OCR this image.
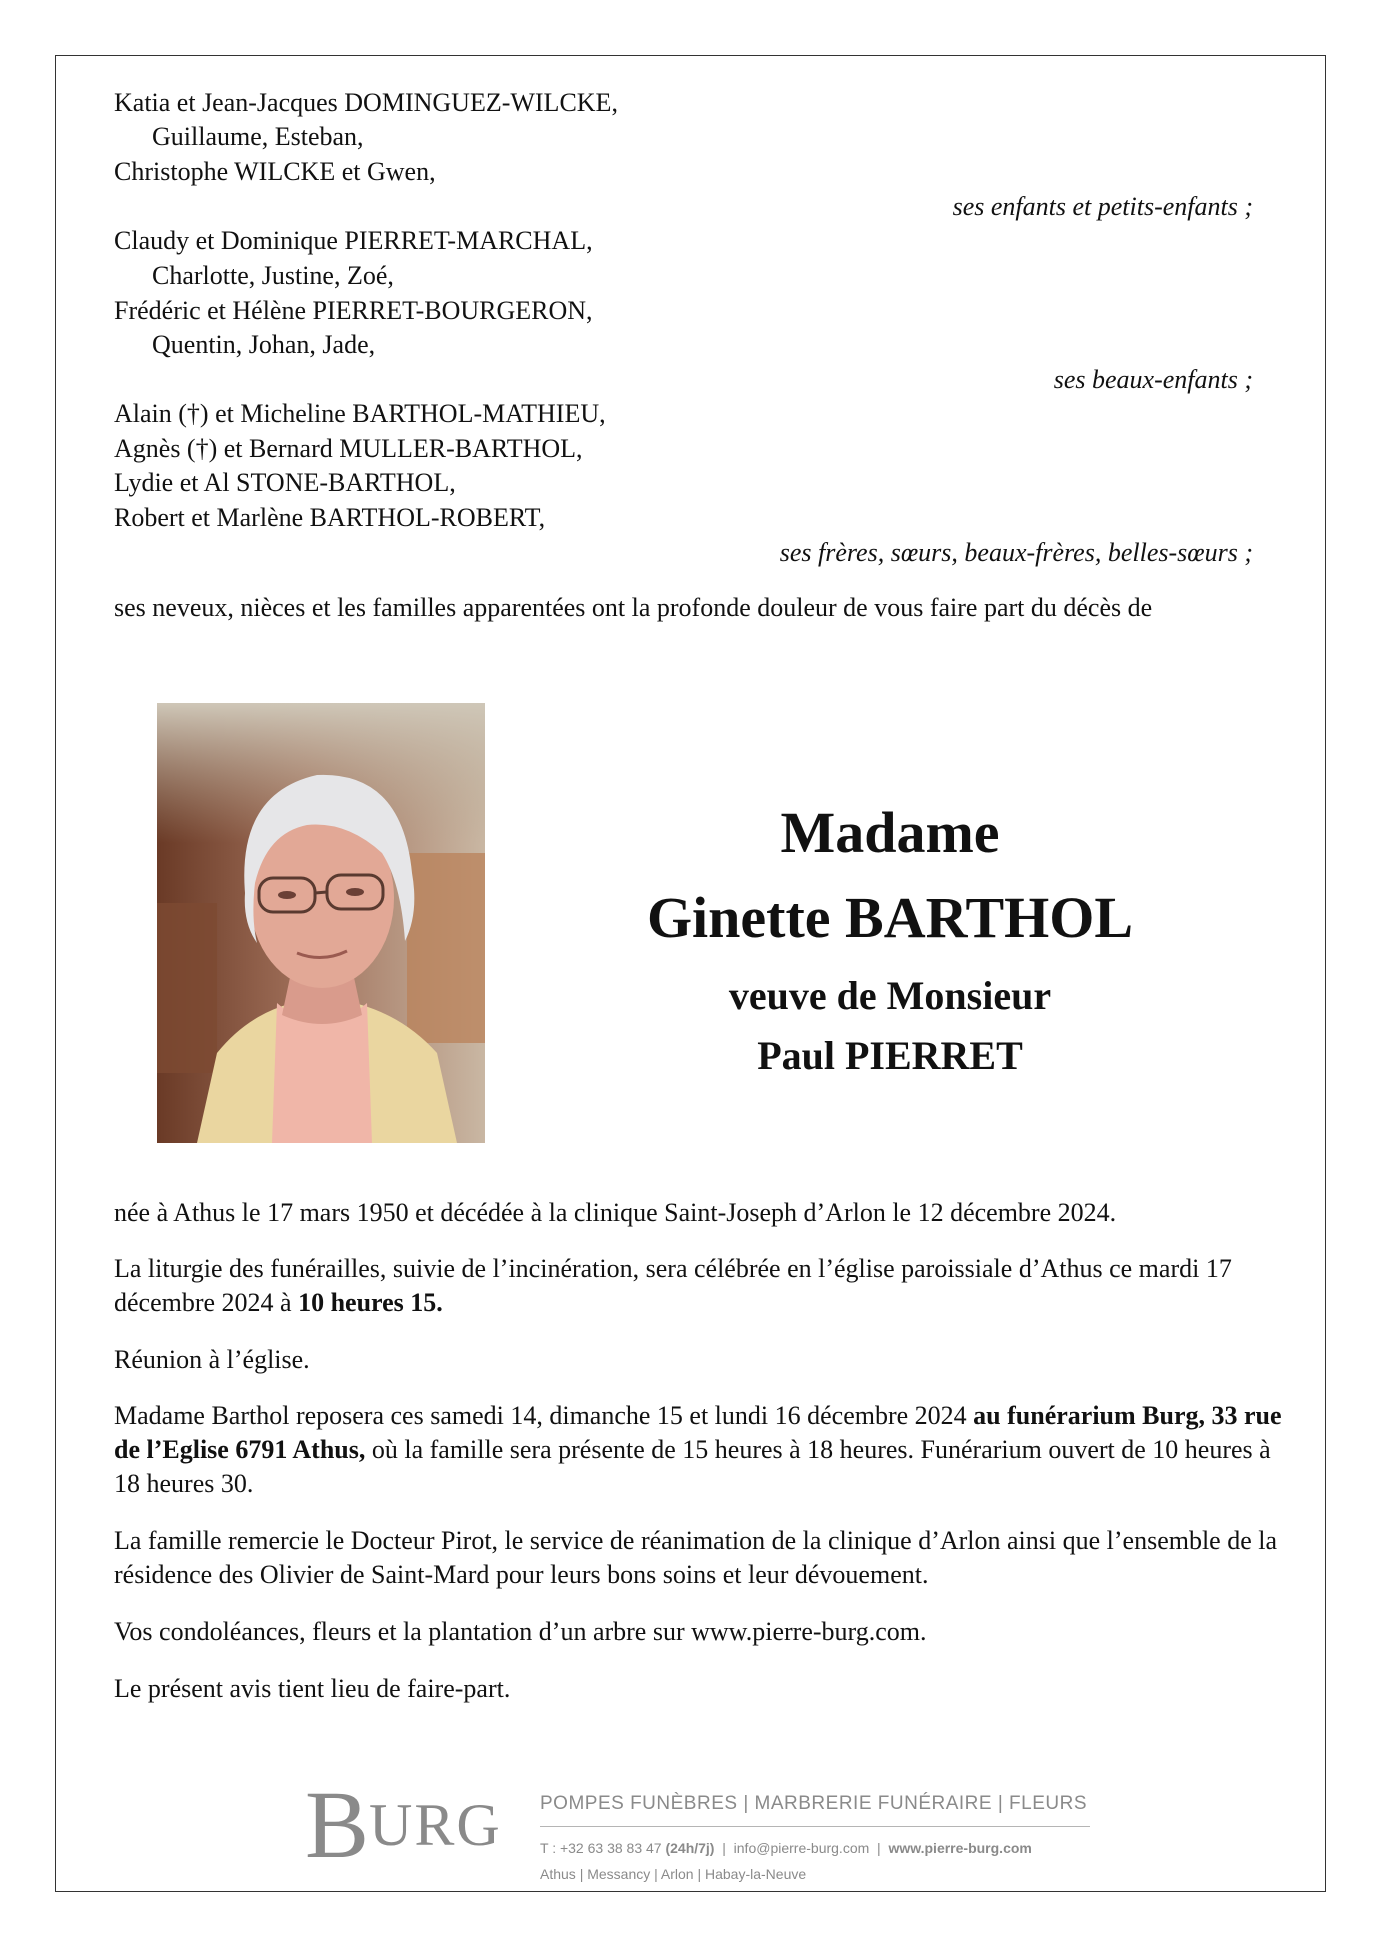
Katia et Jean-Jacques DOMINGUEZ-WILCKE,
Guillaume, Esteban,
Christophe WILCKE et Gwen,
ses enfants et petits-enfants ;
Claudy et Dominique PIERRET-MARCHAL,
Charlotte, Justine, Zoé,
Frédéric et Hélène PIERRET-BOURGERON,
Quentin, Johan, Jade,
ses beaux-enfants ;
Alain (†) et Micheline BARTHOL-MATHIEU,
Agnès (†) et Bernard MULLER-BARTHOL,
Lydie et Al STONE-BARTHOL,
Robert et Marlène BARTHOL-ROBERT,
ses frères, sœurs, beaux-frères, belles-sœurs ;
ses neveux, nièces et les familles apparentées ont la profonde douleur de vous faire part du décès de
Madame
Ginette BARTHOL
veuve de Monsieur
Paul PIERRET
née à Athus le 17 mars 1950 et décédée à la clinique Saint-Joseph d’Arlon le 12 décembre 2024.
La liturgie des funérailles, suivie de l’incinération, sera célébrée en l’église paroissiale d’Athus ce mardi 17 décembre 2024 à 10 heures 15.
Réunion à l’église.
Madame Barthol reposera ces samedi 14, dimanche 15 et lundi 16 décembre 2024 au funérarium Burg, 33 rue de l’Eglise 6791 Athus, où la famille sera présente de 15 heures à 18 heures. Funérarium ouvert de 10 heures à 18 heures 30.
La famille remercie le Docteur Pirot, le service de réanimation de la clinique d’Arlon ainsi que l’ensemble de la résidence des Olivier de Saint-Mard pour leurs bons soins et leur dévouement.
Vos condoléances, fleurs et la plantation d’un arbre sur www.pierre-burg.com.
Le présent avis tient lieu de faire-part.
BURG POMPES FUNÈBRES | MARBRERIE FUNÉRAIRE | FLEURS
T : +32 63 38 83 47 (24h/7j)  |  info@pierre-burg.com  |  www.pierre-burg.com
Athus | Messancy | Arlon | Habay-la-Neuve
